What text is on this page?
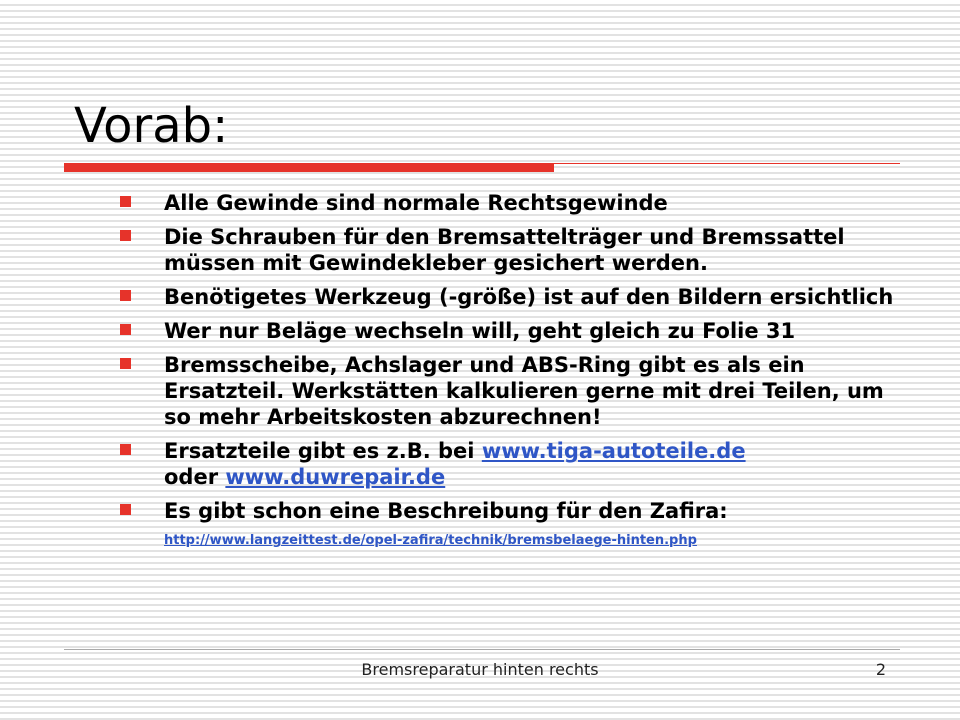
Vorab:
Alle Gewinde sind normale Rechtsgewinde
Die Schrauben für den Bremsattelträger und Bremssattel müssen mit Gewindekleber gesichert werden.
Benötigetes Werkzeug (-größe) ist auf den Bildern ersichtlich
Wer nur Beläge wechseln will, geht gleich zu Folie 31
Bremsscheibe, Achslager und ABS-Ring gibt es als ein Ersatzteil. Werkstätten kalkulieren gerne mit drei Teilen, um so mehr Arbeitskosten abzurechnen!
Ersatzteile gibt es z.B. bei www.tiga-autoteile.de
oder www.duwrepair.de
Es gibt schon eine Beschreibung für den Zafira:
http://www.langzeittest.de/opel-zafira/technik/bremsbelaege-hinten.php
Bremsreparatur hinten rechts	2
